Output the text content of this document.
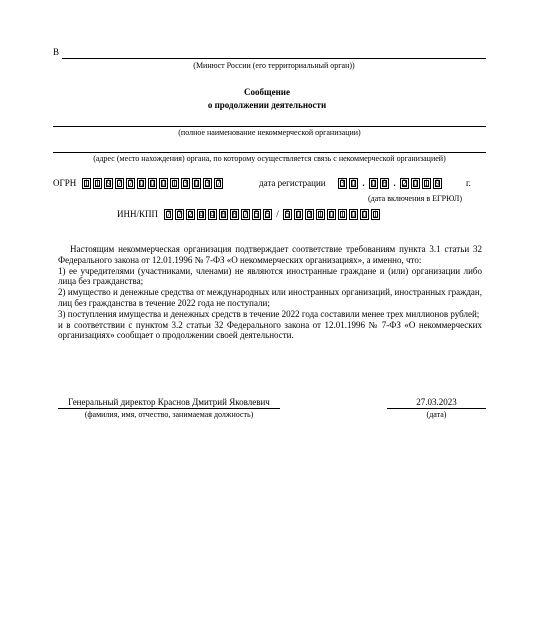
В
(Минюст России (его территориальный орган))
Сообщение
о продолжении деятельности
(полное наименование некоммерческой организации)
(адрес (место нахождения) органа, по которому осуществляется связь с некоммерческой организацией)
ОГРН 1 1 9 7 7 0 0 0 1 3 0 3 7	дата регистрации 3 0 . 0 8 . 2 0 1 9	г.
(дата включения в ЕГРЮЛ)
ИНН/КПП 7 7 2 4 4 8 8 7 5 5 / 5 0 3 1 0 1 0 0 1

Настоящим некоммерческая организация подтверждает соответствие требованиям пункта 3.1 статьи 32 Федерального закона от 12.01.1996 № 7-ФЗ «О некоммерческих организациях», а именно, что:

1) ее учредителями (участниками, членами) не являются иностранные граждане и (или) организации либо лица без гражданства;

2) имущество и денежные средства от международных или иностранных организаций, иностранных граждан, лиц без гражданства в течение 2022 года не поступали;

3) поступления имущества и денежных средств в течение 2022 года составили менее трех миллионов рублей;

и в соответствии с пунктом 3.2 статьи 32 Федерального закона от 12.01.1996 № 7-ФЗ «О некоммерческих организациях» сообщает о продолжении своей деятельности.

Генеральный директор Краснов Дмитрий Яковлевич
(фамилия, имя, отчество, занимаемая должность)
27.03.2023
(дата)
